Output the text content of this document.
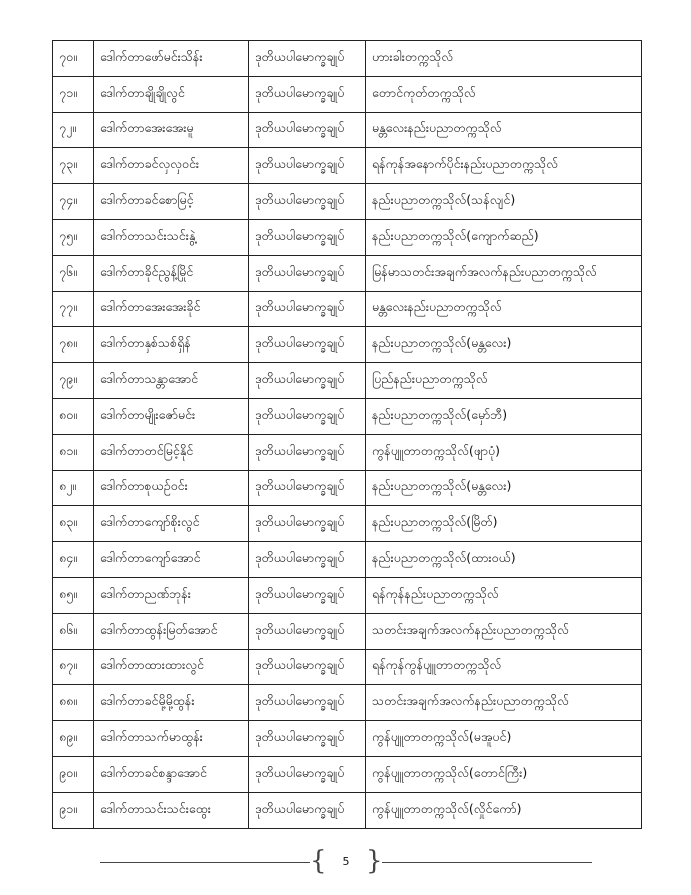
၇၀။	ဒေါက်တာဖော်မင်းသိန်း	ဒုတိယပါမောက္ခချုပ်	ဟားခါးတက္ကသိုလ်
၇၁။	ဒေါက်တာချိုချိုလွင်	ဒုတိယပါမောက္ခချုပ်	တောင်ကုတ်တက္ကသိုလ်
၇၂။	ဒေါက်တာအေးအေးမူ	ဒုတိယပါမောက္ခချုပ်	မန္တလေးနည်းပညာတက္ကသိုလ်
၇၃။	ဒေါက်တာခင်လှလှဝင်း	ဒုတိယပါမောက္ခချုပ်	ရန်ကုန်အနောက်ပိုင်းနည်းပညာတက္ကသိုလ်
၇၄။	ဒေါက်တာခင်စောမြင့်	ဒုတိယပါမောက္ခချုပ်	နည်းပညာတက္ကသိုလ်(သန်လျင်)
၇၅။	ဒေါက်တာသင်းသင်းနွဲ့	ဒုတိယပါမောက္ခချုပ်	နည်းပညာတက္ကသိုလ်(ကျောက်ဆည်)
၇၆။	ဒေါက်တာခိုင်ညွန့်မြိုင်	ဒုတိယပါမောက္ခချုပ်	မြန်မာသတင်းအချက်အလက်နည်းပညာတက္ကသိုလ်
၇၇။	ဒေါက်တာအေးအေးခိုင်	ဒုတိယပါမောက္ခချုပ်	မန္တလေးနည်းပညာတက္ကသိုလ်
၇၈။	ဒေါက်တာနှစ်သစ်ရှိန်	ဒုတိယပါမောက္ခချုပ်	နည်းပညာတက္ကသိုလ်(မန္တလေး)
၇၉။	ဒေါက်တာသန္တာအောင်	ဒုတိယပါမောက္ခချုပ်	ပြည်နည်းပညာတက္ကသိုလ်
၈၀။	ဒေါက်တာမျိုးဇော်မင်း	ဒုတိယပါမောက္ခချုပ်	နည်းပညာတက္ကသိုလ်(မှော်ဘီ)
၈၁။	ဒေါက်တာတင်မြင့်နိုင်	ဒုတိယပါမောက္ခချုပ်	ကွန်ပျူတာတက္ကသိုလ်(ဖျာပုံ)
၈၂။	ဒေါက်တာစုယဉ်ဝင်း	ဒုတိယပါမောက္ခချုပ်	နည်းပညာတက္ကသိုလ်(မန္တလေး)
၈၃။	ဒေါက်တာကျော်စိုးလွင်	ဒုတိယပါမောက္ခချုပ်	နည်းပညာတက္ကသိုလ်(မြိတ်)
၈၄။	ဒေါက်တာကျော်အောင်	ဒုတိယပါမောက္ခချုပ်	နည်းပညာတက္ကသိုလ်(ထားဝယ်)
၈၅။	ဒေါက်တာညဏ်ဘုန်း	ဒုတိယပါမောက္ခချုပ်	ရန်ကုန်နည်းပညာတက္ကသိုလ်
၈၆။	ဒေါက်တာထွန်းမြတ်အောင်	ဒုတိယပါမောက္ခချုပ်	သတင်းအချက်အလက်နည်းပညာတက္ကသိုလ်
၈၇။	ဒေါက်တာထားထားလွင်	ဒုတိယပါမောက္ခချုပ်	ရန်ကုန်ကွန်ပျူတာတက္ကသိုလ်
၈၈။	ဒေါက်တာခင်မို့မို့ထွန်း	ဒုတိယပါမောက္ခချုပ်	သတင်းအချက်အလက်နည်းပညာတက္ကသိုလ်
၈၉။	ဒေါက်တာသက်မာထွန်း	ဒုတိယပါမောက္ခချုပ်	ကွန်ပျူတာတက္ကသိုလ်(မအူပင်)
၉၀။	ဒေါက်တာခင်စန္ဒာအောင်	ဒုတိယပါမောက္ခချုပ်	ကွန်ပျူတာတက္ကသိုလ်(တောင်ကြီး)
၉၁။	ဒေါက်တာသင်းသင်းထွေး	ဒုတိယပါမောက္ခချုပ်	ကွန်ပျူတာတက္ကသိုလ်(လှိုင်ကော်)
{	5 }
